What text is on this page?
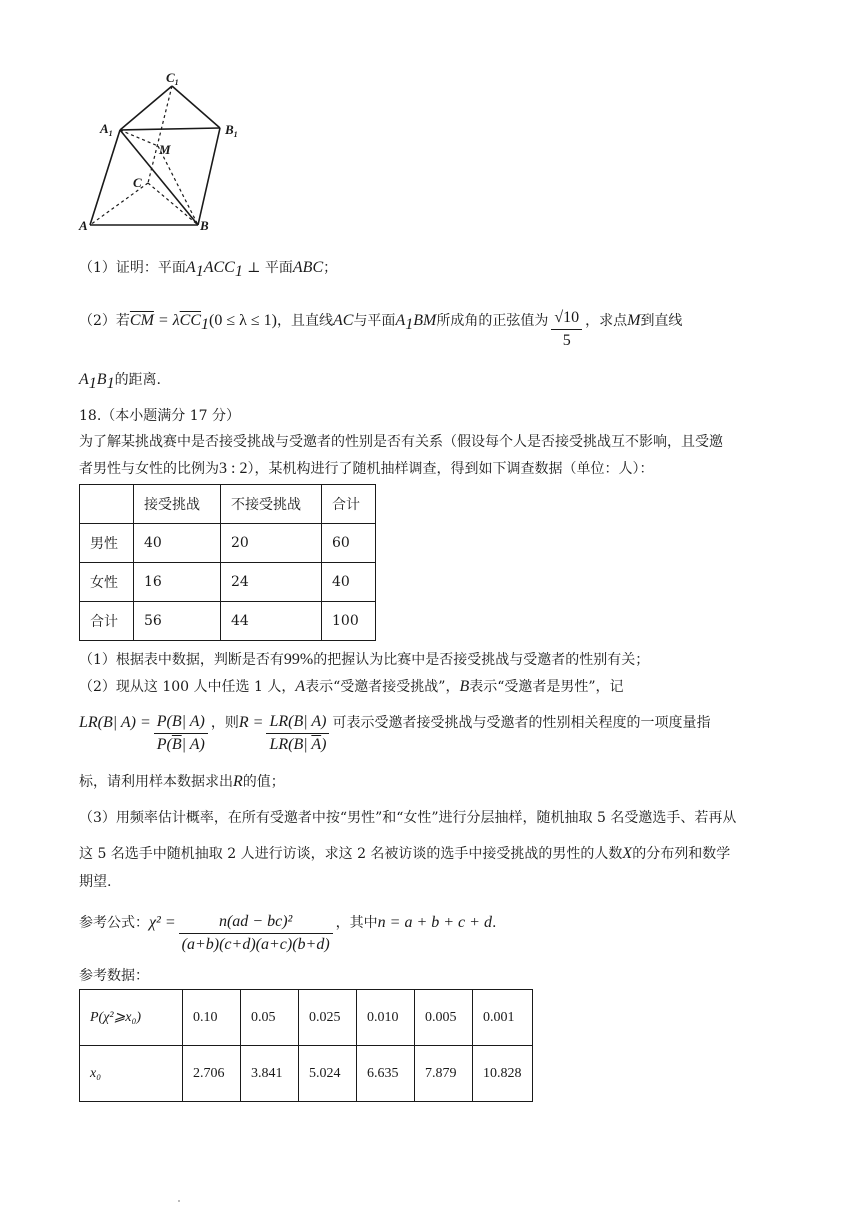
$C_1$
$A_1$	$B_1$
M
C
A	B
（1）证明：平面$A_1ACC_1$ ⊥ 平面ABC；
（2）若$\overline{CM} = \lambda\overline{CC}_1(0 \le \lambda \le 1)$，且直线AC与平面$A_1BM$所成角的正弦值为 $\frac{√10}{5}$ ，求点M到直线
$A_1B_1$的距离.
18.（本小题满分 17 分）
为了解某挑战赛中是否接受挑战与受邀者的性别是否有关系（假设每个人是否接受挑战互不影响，且受邀
者男性与女性的比例为3 : 2），某机构进行了随机抽样调查，得到如下调查数据（单位：人）：
	接受挑战	不接受挑战	合计
男性	40	20	60
女性	16	24	40
合计	56	44	100
（1）根据表中数据，判断是否有99%的把握认为比赛中是否接受挑战与受邀者的性别有关；
（2）现从这 100 人中任选 1 人，A表示“受邀者接受挑战”，B表示“受邀者是男性”，记
LR(B| $A) = \frac{P(B| A)}{P(\overline{B}| A)}$ ，则$R = \frac{LR(B| A)}{LR(B| \overline{A})}$ 可表示受邀者接受挑战与受邀者的性别相关程度的一项度量指
标，请利用样本数据求出R的值；
（3）用频率估计概率，在所有受邀者中按“男性”和“女性”进行分层抽样，随机抽取 5 名受邀选手、若再从
这 5 名选手中随机抽取 2 人进行访谈，求这 2 名被访谈的选手中接受挑战的男性的人数X的分布列和数学
期望.
参考公式：$\chi^2 = \frac{\text{n(ad − bc)²}}{(a+b)(c+d)(a+c)(b+d)}$ ，其中n = a + b + c + d.
参考数据：
P(χ²⩾x₀)	0.10	0.05	0.025	0.010	0.005	0.001
x₀	2.706	3.841	5.024	6.635	7.879	10.828
